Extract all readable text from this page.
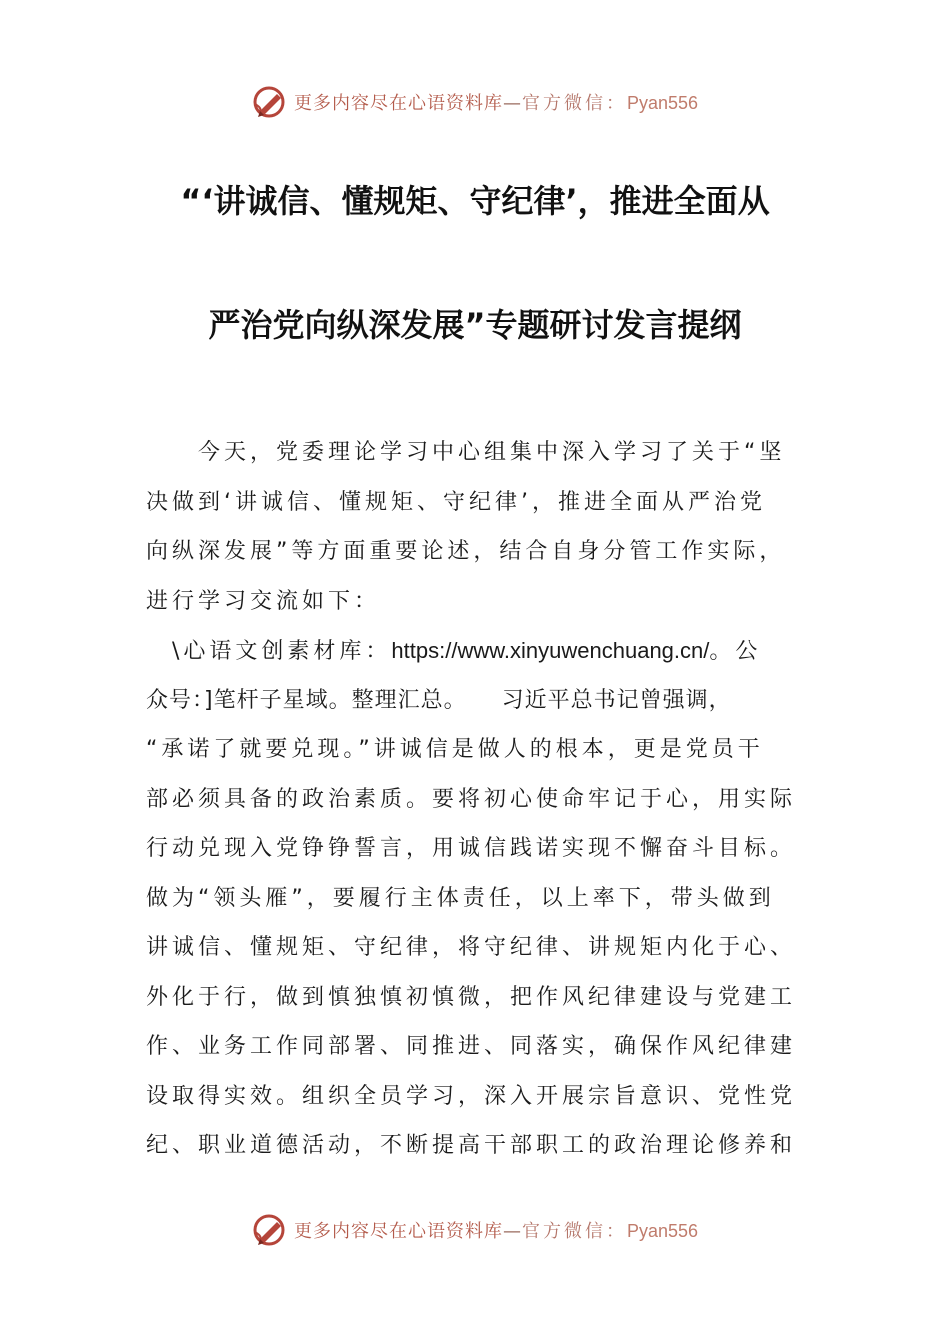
更多内容尽在心语资料库—官方微信：Pyan556
“‘讲诚信、懂规矩、守纪律’，推进全面从
严治党向纵深发展”专题研讨发言提纲
　　今天，党委理论学习中心组集中深入学习了关于“坚
决做到‘讲诚信、懂规矩、守纪律’，推进全面从严治党
向纵深发展”等方面重要论述，结合自身分管工作实际，
进行学习交流如下：
　\心语文创素材库：https://www.xinyuwenchuang.cn/。公
众号：]笔杆子星域。整理汇总。　　习近平总书记曾强调，
“承诺了就要兑现。”讲诚信是做人的根本，更是党员干
部必须具备的政治素质。要将初心使命牢记于心，用实际
行动兑现入党铮铮誓言，用诚信践诺实现不懈奋斗目标。
做为“领头雁”，要履行主体责任，以上率下，带头做到
讲诚信、懂规矩、守纪律，将守纪律、讲规矩内化于心、
外化于行，做到慎独慎初慎微，把作风纪律建设与党建工
作、业务工作同部署、同推进、同落实，确保作风纪律建
设取得实效。组织全员学习，深入开展宗旨意识、党性党
纪、职业道德活动，不断提高干部职工的政治理论修养和
更多内容尽在心语资料库—官方微信：Pyan556
